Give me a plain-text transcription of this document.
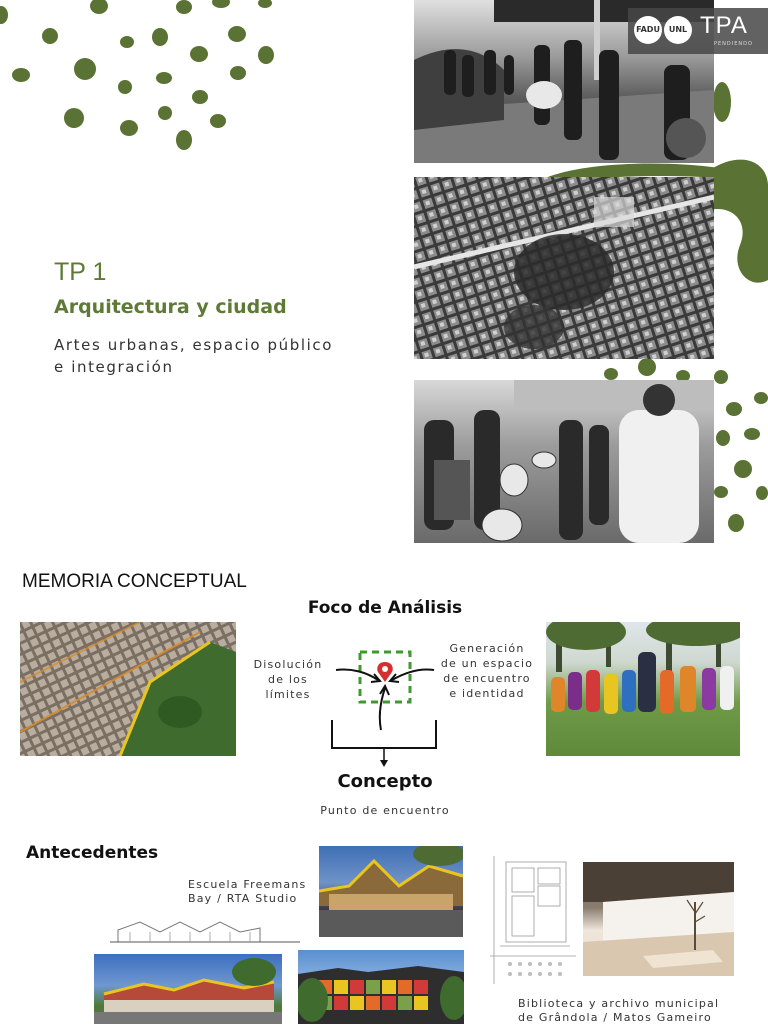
FADU	UNL TPA
PENDIENDO
TP 1
Arquitectura y ciudad
Artes urbanas, espacio público
e integración
MEMORIA CONCEPTUAL
Foco de Análisis
Disolución de los límites
Generación de un espacio de encuentro e identidad
Concepto
Punto de encuentro
Antecedentes
Escuela Freemans
Bay / RTA Studio
Biblioteca y archivo municipal
de Grândola / Matos Gameiro
